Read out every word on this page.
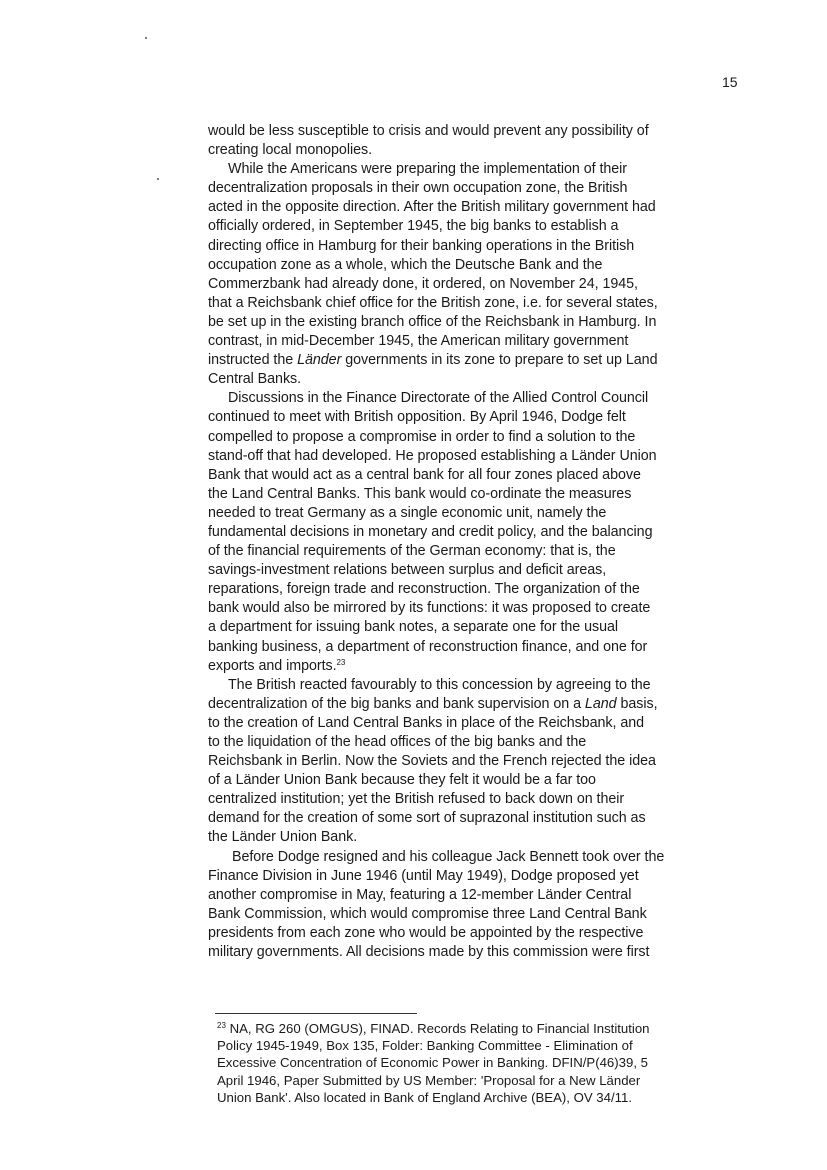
15
would be less susceptible to crisis and would prevent any possibility of
creating local monopolies.
While the Americans were preparing the implementation of their
decentralization proposals in their own occupation zone, the British
acted in the opposite direction. After the British military government had
officially ordered, in September 1945, the big banks to establish a
directing office in Hamburg for their banking operations in the British
occupation zone as a whole, which the Deutsche Bank and the
Commerzbank had already done, it ordered, on November 24, 1945,
that a Reichsbank chief office for the British zone, i.e. for several states,
be set up in the existing branch office of the Reichsbank in Hamburg. In
contrast, in mid-December 1945, the American military government
instructed the Länder governments in its zone to prepare to set up Land
Central Banks.
Discussions in the Finance Directorate of the Allied Control Council
continued to meet with British opposition. By April 1946, Dodge felt
compelled to propose a compromise in order to find a solution to the
stand-off that had developed. He proposed establishing a Länder Union
Bank that would act as a central bank for all four zones placed above
the Land Central Banks. This bank would co-ordinate the measures
needed to treat Germany as a single economic unit, namely the
fundamental decisions in monetary and credit policy, and the balancing
of the financial requirements of the German economy: that is, the
savings-investment relations between surplus and deficit areas,
reparations, foreign trade and reconstruction. The organization of the
bank would also be mirrored by its functions: it was proposed to create
a department for issuing bank notes, a separate one for the usual
banking business, a department of reconstruction finance, and one for
exports and imports.$^{23}$
The British reacted favourably to this concession by agreeing to the
decentralization of the big banks and bank supervision on a Land basis,
to the creation of Land Central Banks in place of the Reichsbank, and
to the liquidation of the head offices of the big banks and the
Reichsbank in Berlin. Now the Soviets and the French rejected the idea
of a Länder Union Bank because they felt it would be a far too
centralized institution; yet the British refused to back down on their
demand for the creation of some sort of suprazonal institution such as
the Länder Union Bank.
Before Dodge resigned and his colleague Jack Bennett took over the
Finance Division in June 1946 (until May 1949), Dodge proposed yet
another compromise in May, featuring a 12-member Länder Central
Bank Commission, which would compromise three Land Central Bank
presidents from each zone who would be appointed by the respective
military governments. All decisions made by this commission were first
$^{23}$ NA, RG 260 (OMGUS), FINAD. Records Relating to Financial Institution
Policy 1945-1949, Box 135, Folder: Banking Committee - Elimination of
Excessive Concentration of Economic Power in Banking. DFIN/P(46)39, 5
April 1946, Paper Submitted by US Member: 'Proposal for a New Länder
Union Bank'. Also located in Bank of England Archive (BEA), OV 34/11.
